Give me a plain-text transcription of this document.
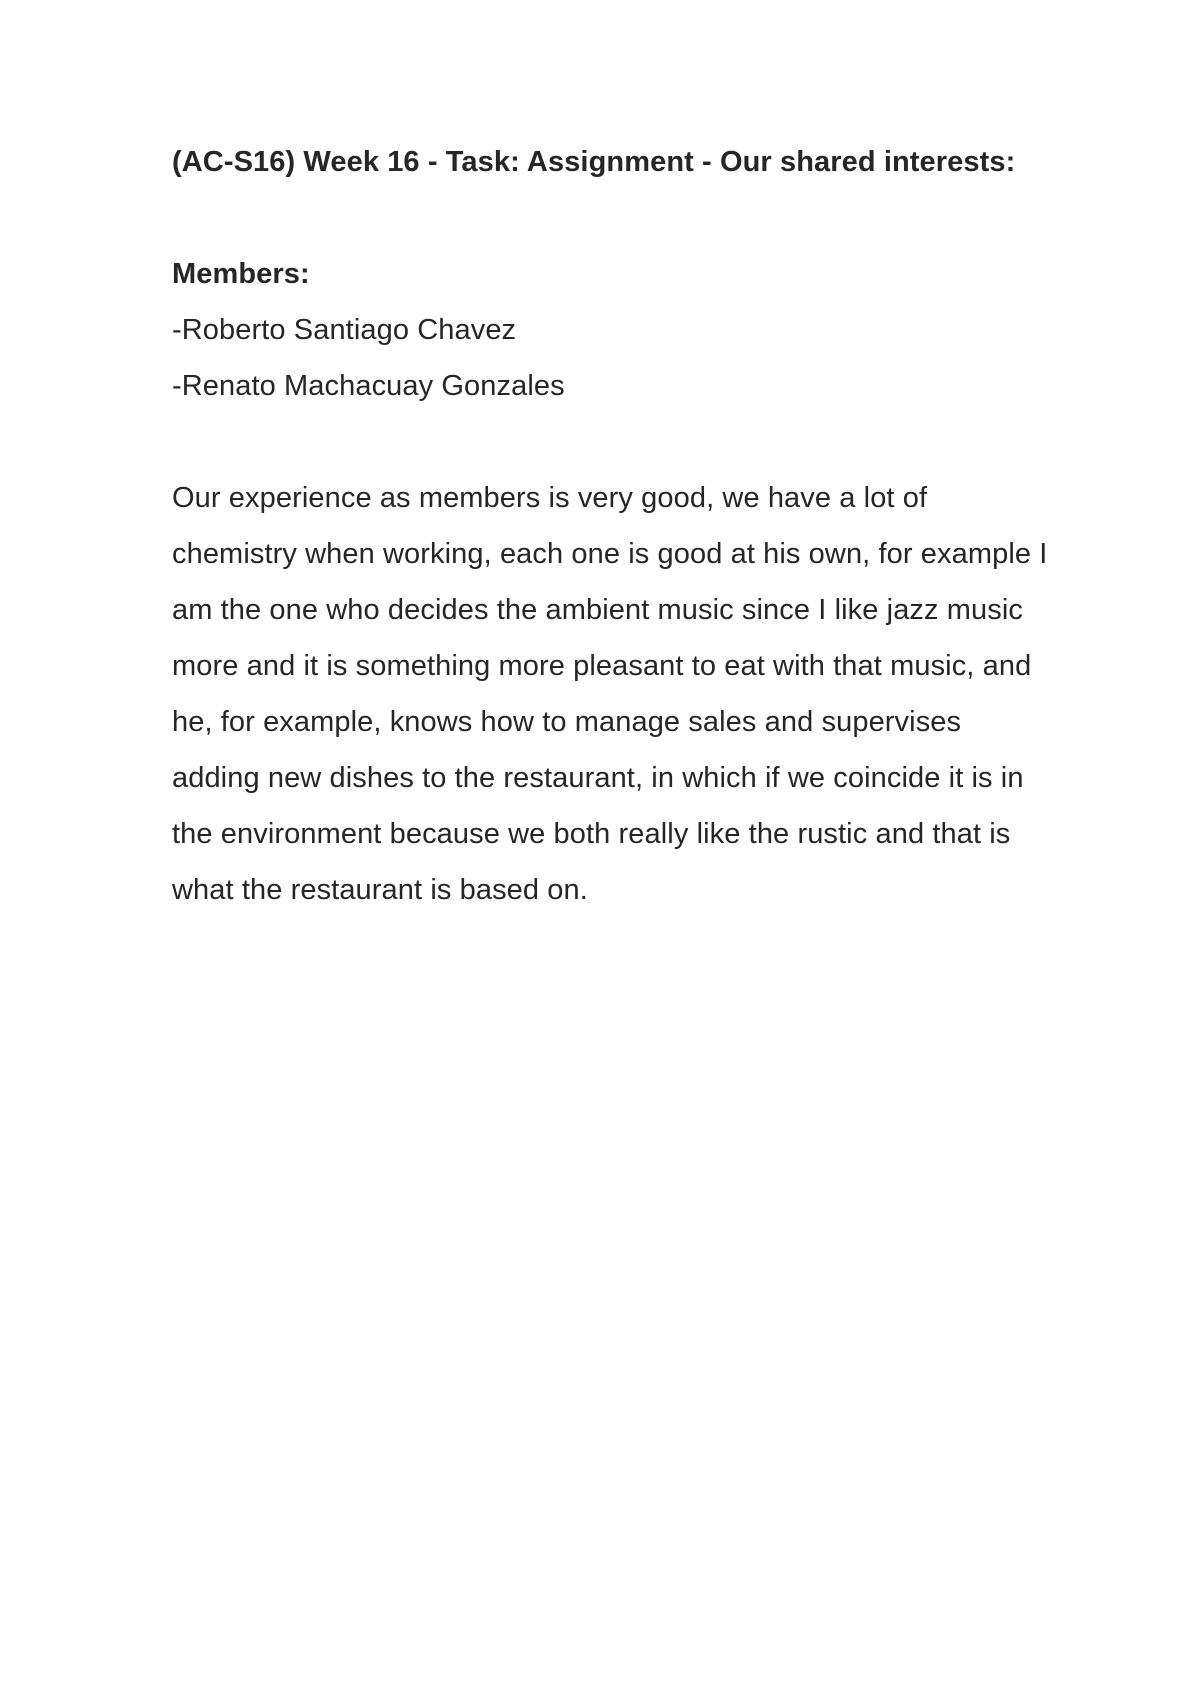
(AC-S16) Week 16 - Task: Assignment - Our shared interests:

Members:

-Roberto Santiago Chavez
-Renato Machacuay Gonzales

Our experience as members is very good, we have a lot of chemistry when working, each one is good at his own, for example I am the one who decides the ambient music since I like jazz music more and it is something more pleasant to eat with that music, and he, for example, knows how to manage sales and supervises adding new dishes to the restaurant, in which if we coincide it is in the environment because we both really like the rustic and that is what the restaurant is based on.
